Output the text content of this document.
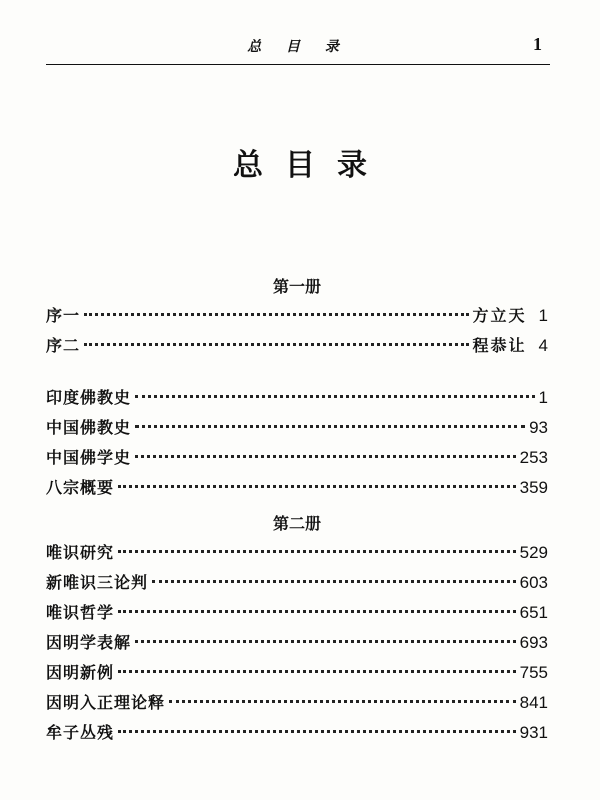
总 目 录	1
总目录
第一册
序一	方立天 1
序二	程恭让 4
印度佛教史	1
中国佛教史	93
中国佛学史	253
八宗概要	359
第二册
唯识研究	529
新唯识三论判	603
唯识哲学	651
因明学表解	693
因明新例	755
因明入正理论释	841
牟子丛残	931
